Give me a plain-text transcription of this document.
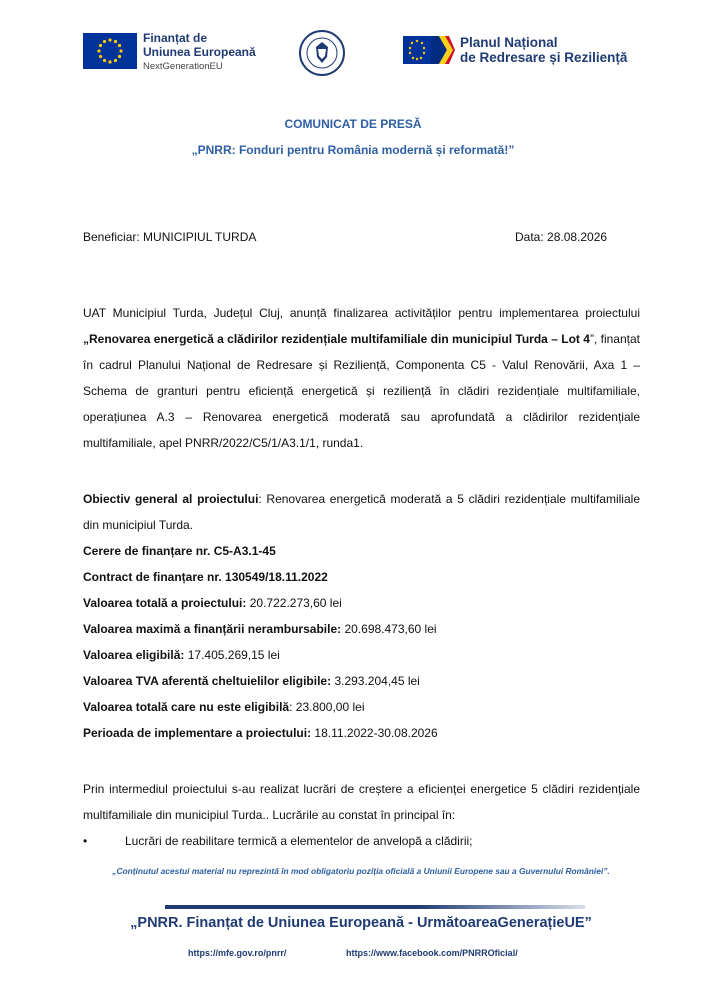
Finanțat de
Uniunea Europeană
NextGenerationEU
Planul Național
de Redresare și Reziliență
COMUNICAT DE PRESĂ
„PNRR: Fonduri pentru România modernă și reformată!”
Beneficiar: MUNICIPIUL TURDA	Data: 28.08.2026
UAT Municipiul Turda, Județul Cluj, anunță finalizarea activităților pentru implementarea proiectului „Renovarea energetică a clădirilor rezidențiale multifamiliale din municipiul Turda – Lot 4”, finanțat în cadrul Planului Național de Redresare și Reziliență, Componenta C5 - Valul Renovării, Axa 1 – Schema de granturi pentru eficiență energetică și reziliență în clădiri rezidențiale multifamiliale, operațiunea A.3 – Renovarea energetică moderată sau aprofundată a clădirilor rezidențiale multifamiliale, apel PNRR/2022/C5/1/A3.1/1, runda1.
Obiectiv general al proiectului: Renovarea energetică moderată a 5 clădiri rezidențiale multifamiliale din municipiul Turda.
Cerere de finanțare nr. C5-A3.1-45
Contract de finanțare nr. 130549/18.11.2022
Valoarea totală a proiectului: 20.722.273,60 lei
Valoarea maximă a finanțării nerambursabile: 20.698.473,60 lei
Valoarea eligibilă: 17.405.269,15 lei
Valoarea TVA aferentă cheltuielilor eligibile: 3.293.204,45 lei
Valoarea totală care nu este eligibilă: 23.800,00 lei
Perioada de implementare a proiectului: 18.11.2022-30.08.2026
Prin intermediul proiectului s-au realizat lucrări de creștere a eficienței energetice 5 clădiri rezidențiale multifamiliale din municipiul Turda.. Lucrările au constat în principal în:
•	Lucrări de reabilitare termică a elementelor de anvelopă a clădirii;
„Conținutul acestui material nu reprezintă în mod obligatoriu poziția oficială a Uniunii Europene sau a Guvernului României”.
„PNRR. Finanțat de Uniunea Europeană - UrmătoareaGenerațieUE”
https://mfe.gov.ro/pnrr/	https://www.facebook.com/PNRROficial/
